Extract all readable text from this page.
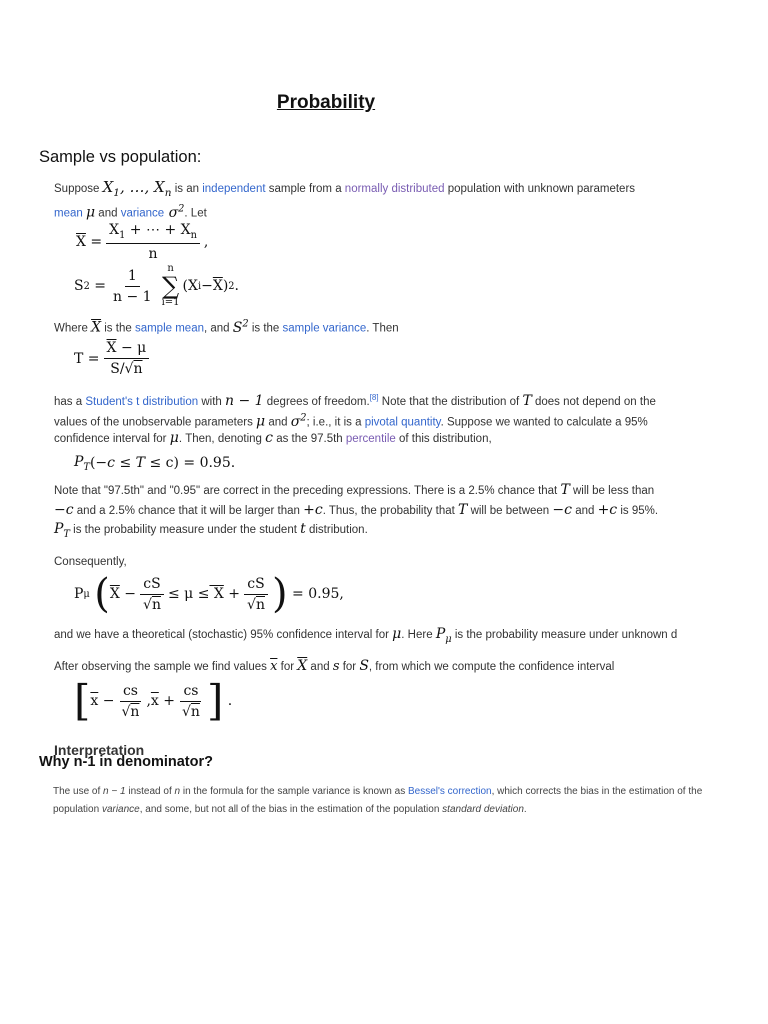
Probability
Sample vs population:
Suppose $X_1$, …, $X_n$ is an independent sample from a normally distributed population with unknown parameters
mean μ and variance $\sigma^2$. Let
$\overline{X} = \frac{X_1 + \cdots + X_n}{n}$ ,
S $2 = \frac{1}{n - 1}$ n
∑
i=1
(X $i - \overline{X}$ ) 2 .
Where $\overline{X}$ is the sample mean, and $S^2$ is the sample variance. Then
$T = \frac{\overline{X} - \mu}{S/√n}$
has a Student's t distribution with n − 1 degrees of freedom.[8] Note that the distribution of T does not depend on the
values of the unobservable parameters μ and $\sigma^2$; i.e., it is a pivotal quantity. Suppose we wanted to calculate a 95%
confidence interval for μ. Then, denoting c as the 97.5th percentile of this distribution,
$P_T$ (− c ≤ T ≤ c) = 0.95.
Note that "97.5th" and "0.95" are correct in the preceding expressions. There is a 2.5% chance that T will be less than
−c and a 2.5% chance that it will be larger than +c. Thus, the probability that T will be between −c and +c is 95%.
$P_T$ is the probability measure under the student t distribution.
Consequently,
P μ
( $\overline{X} - \frac{cS}{√n} \le \mu \le X + \frac{cS}{√n}$ ) = 0.95,
and we have a theoretical (stochastic) 95% confidence interval for μ. Here $P_\mu$ is the probability measure under unknown d
After observing the sample we find values $\overline{x}$ for $\overline{X}$ and s for S, from which we compute the confidence interval
[ $\overline{x} - \frac{cs}{√n}$ , $\overline{x} + \frac{cs}{√n}$ ] .
Interpretation
Why n-1 in denominator?
The use of n − 1 instead of n in the formula for the sample variance is known as Bessel's correction, which corrects the bias in the estimation of the
population variance, and some, but not all of the bias in the estimation of the population standard deviation.
